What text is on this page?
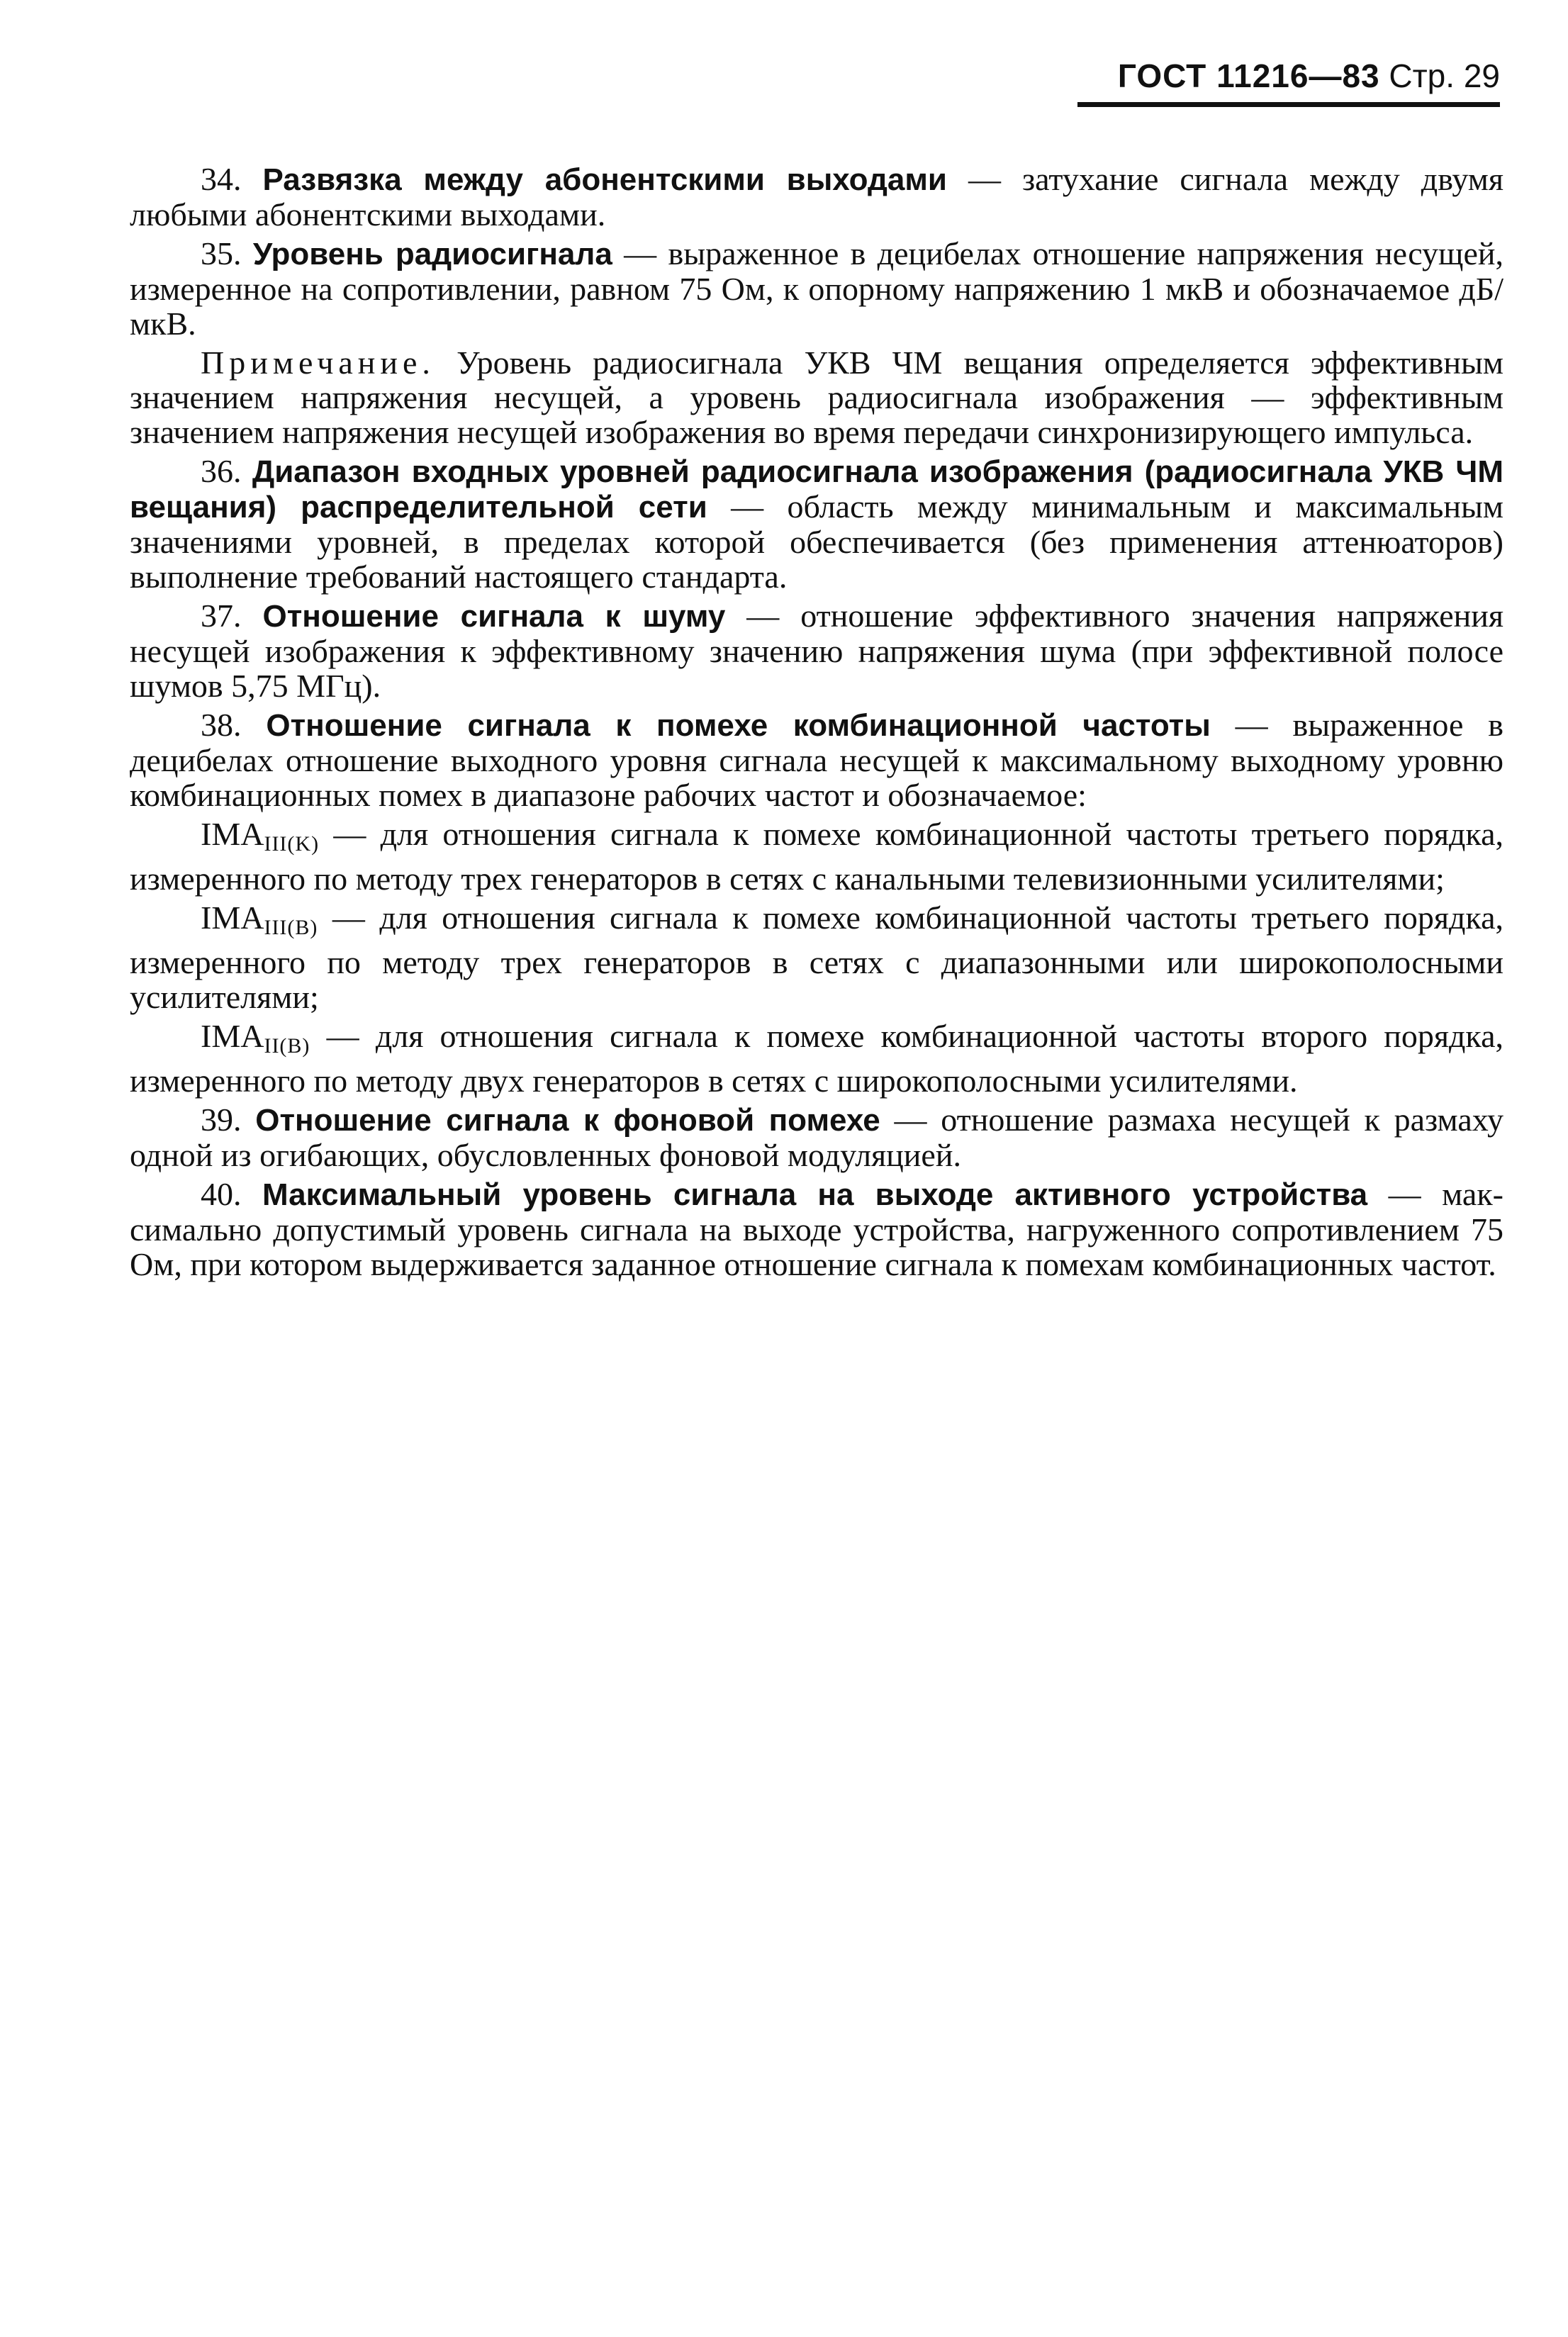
ГОСТ 11216—83 Стр. 29

34. Развязка между абонентскими выходами — затухание сигнала между двумя любыми абонентскими выходами.

35. Уровень радиосигнала — выраженное в децибелах отношение напряжения несущей, измеренное на сопротивлении, равном 75 Ом, к опорному напряжению 1 мкВ и обозначаемое дБ/мкВ.

Примечание. Уровень радиосигнала УКВ ЧМ вещания определяется эффективным значением напряжения несущей, а уровень радиосигнала изображения — эффективным значением напряжения несущей изображения во время передачи синхронизирующего импульса.

36. Диапазон входных уровней радиосигнала изображения (радиосигнала УКВ ЧМ вещания) распределительной сети — область между минимальным и максимальным значениями уровней, в пределах которой обеспечивается (без применения аттенюаторов) выполнение требований настоящего стандарта.

37. Отношение сигнала к шуму — отношение эффективного значения напряжения несущей изображения к эффективному значению напряжения шума (при эффективной полосе шумов 5,75 МГц).

38. Отношение сигнала к помехе комбинационной частоты — выраженное в децибелах отношение выходного уровня сигнала несущей к максимальному выходному уровню комбинационных помех в диапазоне рабочих частот и обозначаемое:

$IMA_{III(K)}$ — для отношения сигнала к помехе комбинационной частоты третьего порядка, измеренного по методу трех генераторов в сетях с канальными телевизионными усилителями;

$IMA_{III(B)}$ — для отношения сигнала к помехе комбинационной частоты третьего порядка, измеренного по методу трех генераторов в сетях с диапазонными или широкополосными усилителями;

$IMA_{II(B)}$ — для отношения сигнала к помехе комбинационной частоты второго порядка, измеренного по методу двух генераторов в сетях с широкополосными усилителями.

39. Отношение сигнала к фоновой помехе — отношение размаха несущей к размаху одной из огибающих, обусловленных фоновой модуляцией.

40. Максимальный уровень сигнала на выходе активного устройства — максимально допустимый уровень сигнала на выходе устройства, нагруженного сопротивлением 75 Ом, при котором выдерживается заданное отношение сигнала к помехам комбинационных частот.
